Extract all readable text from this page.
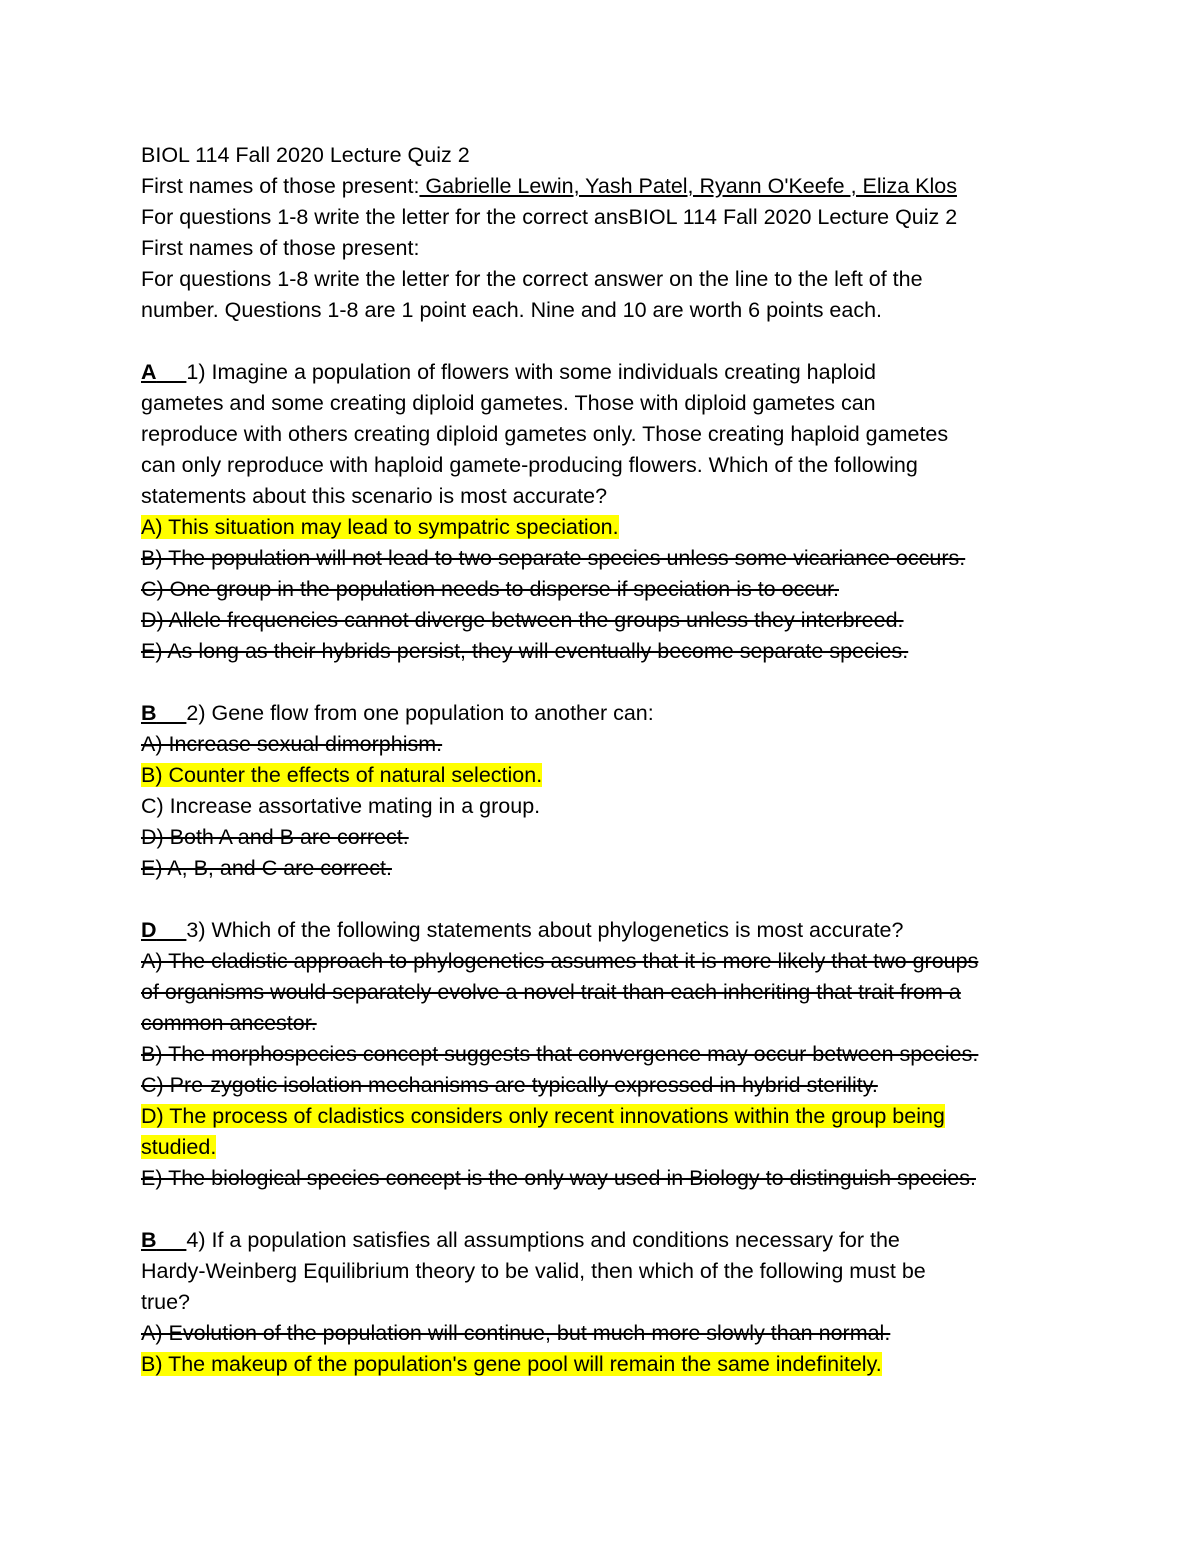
BIOL 114 Fall 2020 Lecture Quiz 2
First names of those present: Gabrielle Lewin, Yash Patel, Ryann O'Keefe , Eliza Klos
For questions 1-8 write the letter for the correct ansBIOL 114 Fall 2020 Lecture Quiz 2
First names of those present:
For questions 1-8 write the letter for the correct answer on the line to the left of the
number. Questions 1-8 are 1 point each. Nine and 10 are worth 6 points each.
A 1) Imagine a population of flowers with some individuals creating haploid
gametes and some creating diploid gametes. Those with diploid gametes can
reproduce with others creating diploid gametes only. Those creating haploid gametes
can only reproduce with haploid gamete-producing flowers. Which of the following
statements about this scenario is most accurate?
A) This situation may lead to sympatric speciation.
B) The population will not lead to two separate species unless some vicariance occurs.
C) One group in the population needs to disperse if speciation is to occur.
D) Allele frequencies cannot diverge between the groups unless they interbreed.
E) As long as their hybrids persist, they will eventually become separate species.
B 2) Gene flow from one population to another can:
A) Increase sexual dimorphism.
B) Counter the effects of natural selection.
C) Increase assortative mating in a group.
D) Both A and B are correct.
E) A, B, and C are correct.
D 3) Which of the following statements about phylogenetics is most accurate?
A) The cladistic approach to phylogenetics assumes that it is more likely that two groups
of organisms would separately evolve a novel trait than each inheriting that trait from a
common ancestor.
B) The morphospecies concept suggests that convergence may occur between species.
C) Pre-zygotic isolation mechanisms are typically expressed in hybrid sterility.
D) The process of cladistics considers only recent innovations within the group being
studied.
E) The biological species concept is the only way used in Biology to distinguish species.
B 4) If a population satisfies all assumptions and conditions necessary for the
Hardy-Weinberg Equilibrium theory to be valid, then which of the following must be
true?
A) Evolution of the population will continue, but much more slowly than normal.
B) The makeup of the population's gene pool will remain the same indefinitely.
